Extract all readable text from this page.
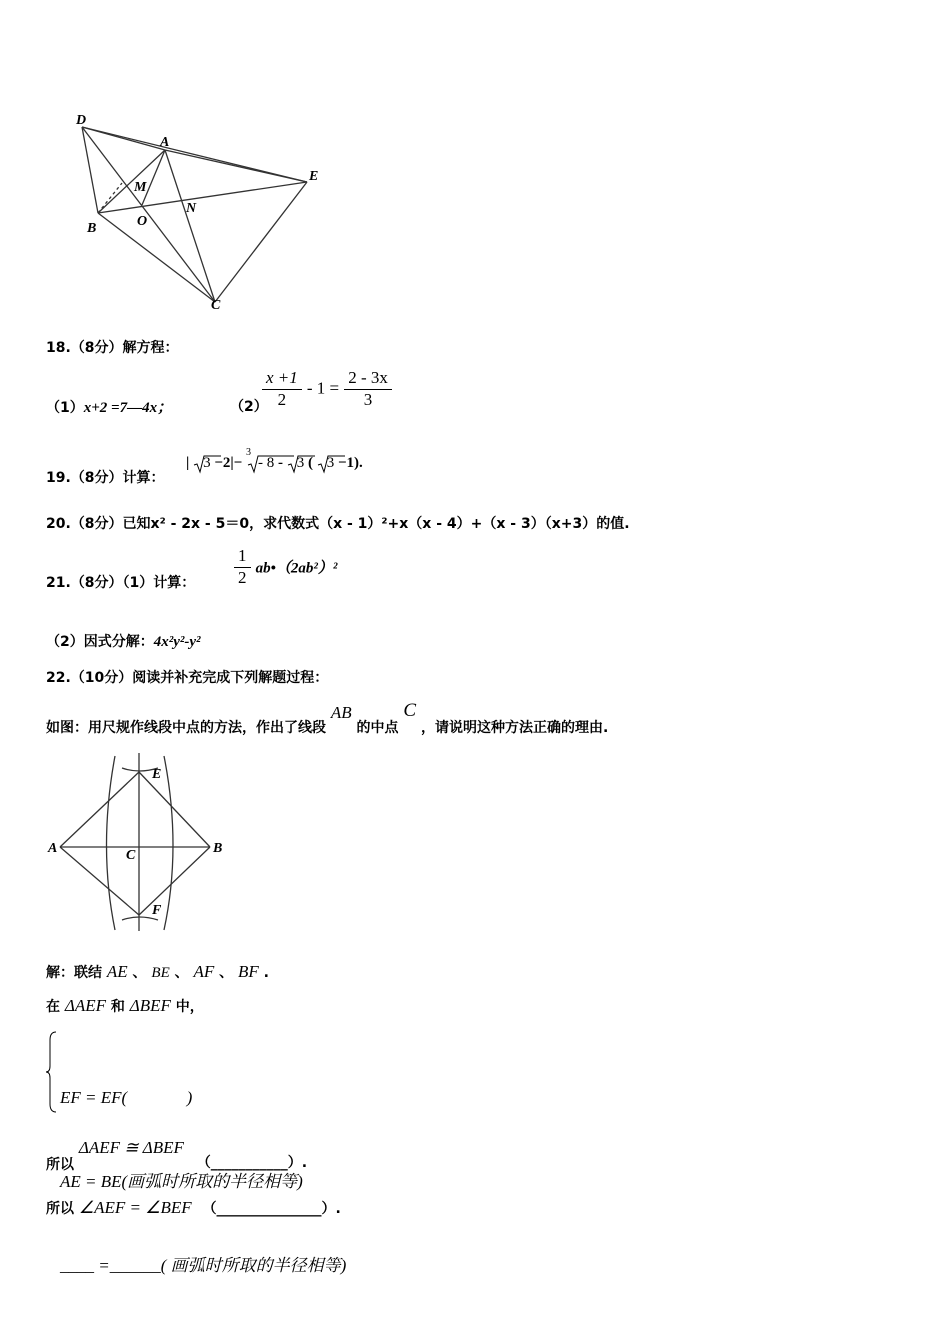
D
A
E
M
B	O
N
C
18.（8分）解方程：
（1）x+2 =7—4x；	（2）
$\frac{x +1}{2} - 1 = \frac{2 - 3x}{3}$
19.（8分）计算：
| 3 −2|−
3
- 8 - 3 ( 3 −1).
20.（8分）已知x² - 2x - 5＝0，求代数式（x - 1）²+x（x - 4）+（x - 3）（x+3）的值.
21.（8分）（1）计算： $\frac{1}{2}$ ab•（2ab²）²
（2）因式分解：4x²y²-y²
22.（10分）阅读并补充完成下列解题过程：
如图：用尺规作线段中点的方法，作出了线段 AB 的中点 C ，请说明这种方法正确的理由.
A	B
C
E
F
解：联结 AE 、 BE 、 AF 、 BF .
在 ΔAEF 和 ΔBEF 中，

EF = EF(              )

AE = BE(画弧时所取的半径相等)

____ =______( 画弧时所取的半径相等)

所以 ΔAEF ≅ ΔBEF （___________）.
所以 ∠AEF = ∠BEF （_______________）.
